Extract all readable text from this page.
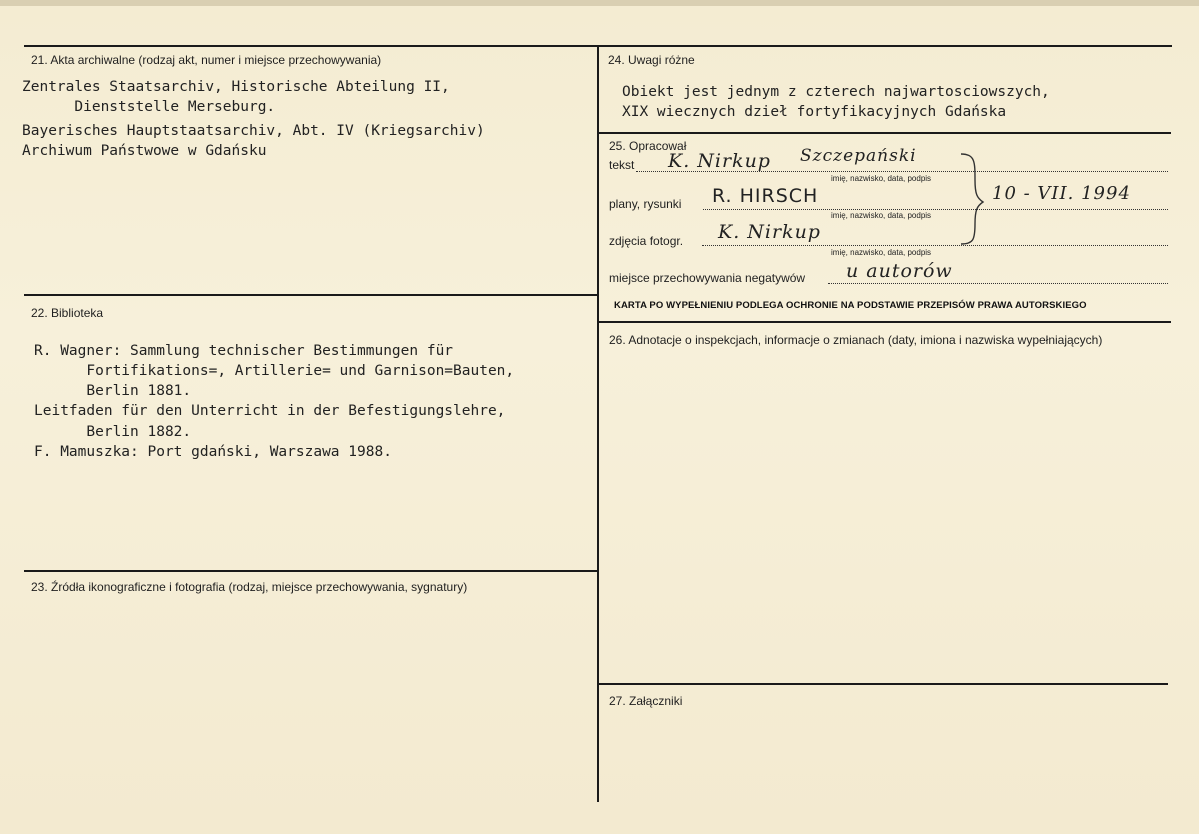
21. Akta archiwalne (rodzaj akt, numer i miejsce przechowywania)
Zentrales Staatsarchiv, Historische Abteilung II,
Dienststelle Merseburg.
Bayerisches Hauptstaatsarchiv, Abt. IV (Kriegsarchiv)
Archiwum Państwowe w Gdańsku
22. Biblioteka
R. Wagner: Sammlung technischer Bestimmungen für
Fortifikations=, Artillerie= und Garnison=Bauten,
Berlin 1881.
Leitfaden für den Unterricht in der Befestigungslehre,
Berlin 1882.
F. Mamuszka: Port gdański, Warszawa 1988.
23. Źródła ikonograficzne i fotografia (rodzaj, miejsce przechowywania, sygnatury)
24. Uwagi różne
Obiekt jest jednym z czterech najwartosciowszych,
XIX wiecznych dzieł fortyfikacyjnych Gdańska
25. Opracował
tekst K. Nirkup Szczepański
imię, nazwisko, data, podpis
plany, rysunki R. HIRSCH
imię, nazwisko, data, podpis
zdjęcia fotogr. K. Nirkup
imię, nazwisko, data, podpis
10 - VII. 1994
miejsce przechowywania negatywów u autorów
KARTA PO WYPEŁNIENIU PODLEGA OCHRONIE NA PODSTAWIE PRZEPISÓW PRAWA AUTORSKIEGO
26. Adnotacje o inspekcjach, informacje o zmianach (daty, imiona i nazwiska wypełniających)
27. Załączniki
